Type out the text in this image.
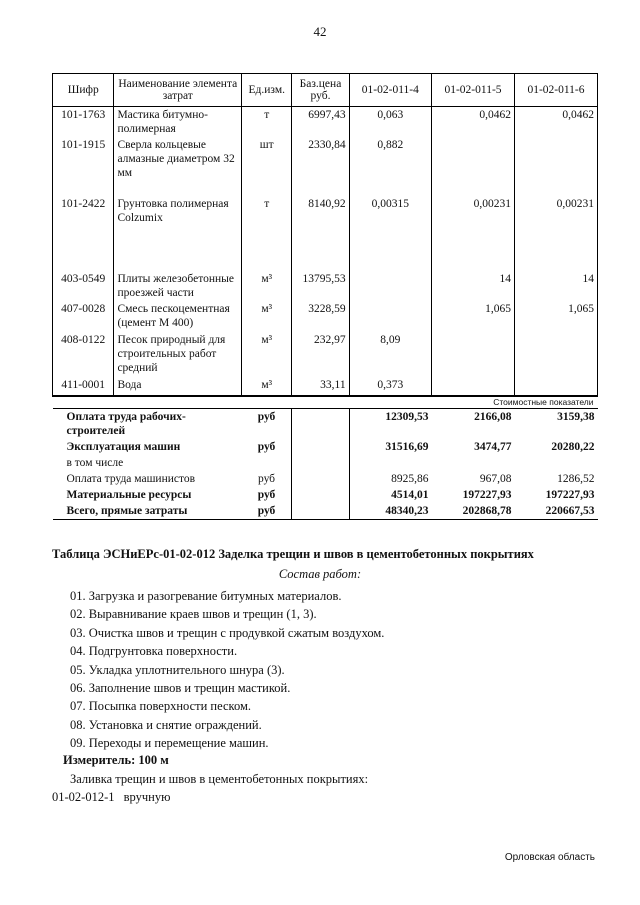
42
Шифр	Наименование элемента затрат	Ед.изм.	Баз.цена руб.	01-02-011-4	01-02-011-5	01-02-011-6
101-1763	Мастика битумно-полимерная	т	6997,43	0,063	0,0462	0,0462
101-1915	Сверла кольцевые алмазные диаметром 32 мм	шт	2330,84	0,882		
101-2422	Грунтовка полимерная Colzumix	т	8140,92	0,00315	0,00231	0,00231
403-0549	Плиты железобетонные проезжей части	м³	13795,53		14	14
407-0028	Смесь пескоцементная (цемент М 400)	м³	3228,59		1,065	1,065
408-0122	Песок природный для строительных работ средний	м³	232,97	8,09		
411-0001	Вода	м³	33,11	0,373		
Стоимостные показатели						
Оплата труда рабочих-строителей		руб		12309,53	2166,08	3159,38
Эксплуатация машин		руб		31516,69	3474,77	20280,22
в том числе						
Оплата труда машинистов		руб		8925,86	967,08	1286,52
Материальные ресурсы		руб		4514,01	197227,93	197227,93
Всего, прямые затраты		руб		48340,23	202868,78	220667,53
Таблица ЭСНиЕРс-01-02-012 Заделка трещин и швов в цементобетонных покрытиях
Состав работ:
01. Загрузка и разогревание битумных материалов.
02. Выравнивание краев швов и трещин (1, 3).
03. Очистка швов и трещин с продувкой сжатым воздухом.
04. Подгрунтовка поверхности.
05. Укладка уплотнительного шнура (3).
06. Заполнение швов и трещин мастикой.
07. Посыпка поверхности песком.
08. Установка и снятие ограждений.
09. Переходы и перемещение машин.
Измеритель: 100 м
Заливка трещин и швов в цементобетонных покрытиях:
01-02-012-1 вручную
Орловская область
